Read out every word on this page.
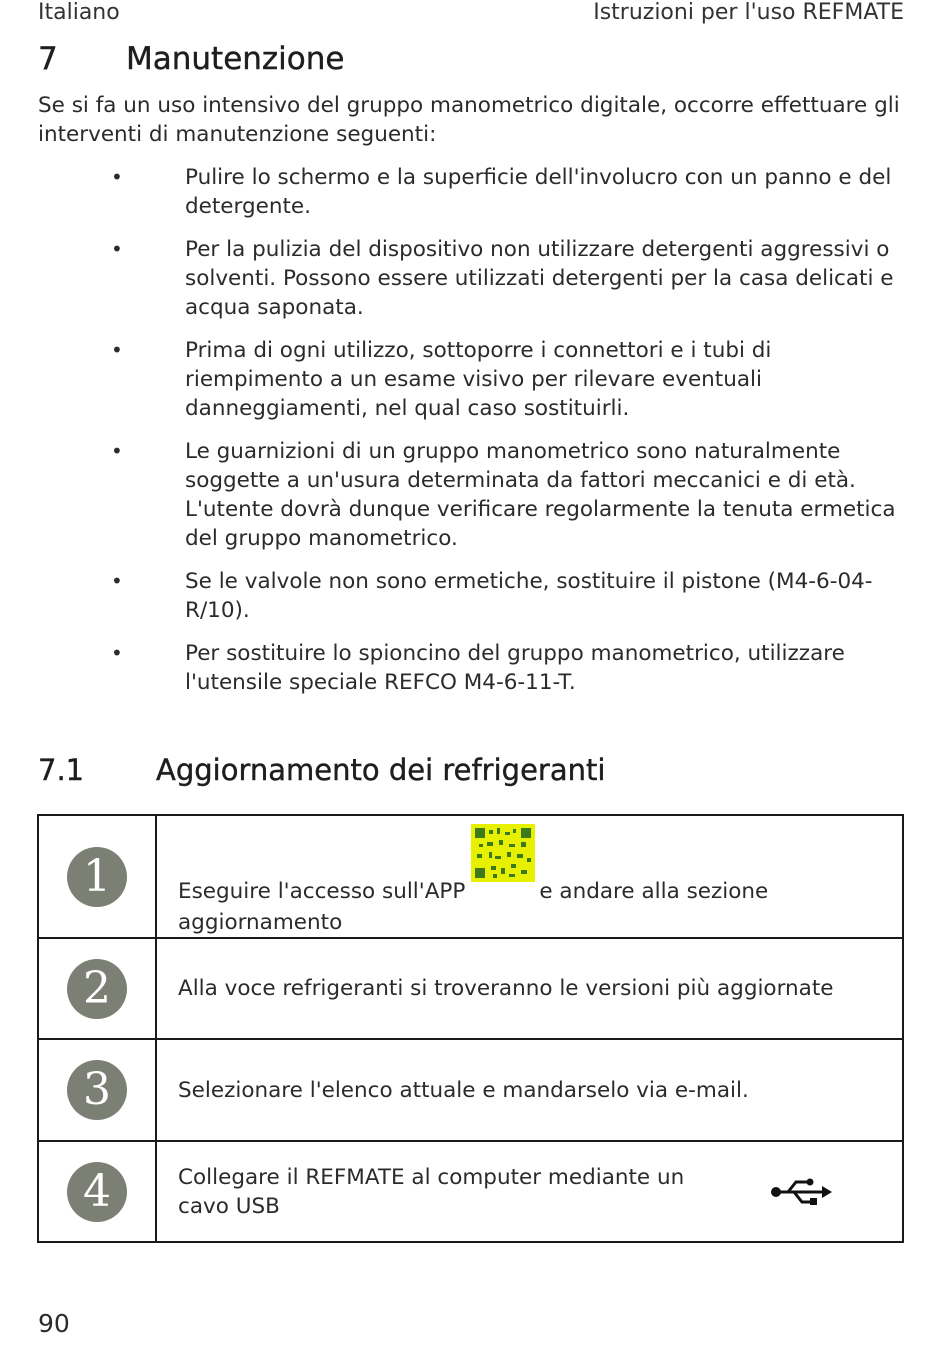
Italiano	Istruzioni per l'uso REFMATE
7 Manutenzione
Se si fa un uso intensivo del gruppo manometrico digitale, occorre effettuare gli interventi di manutenzione seguenti:
•	Pulire lo schermo e la superficie dell'involucro con un panno e del detergente.
•	Per la pulizia del dispositivo non utilizzare detergenti aggressivi o solventi. Possono essere utilizzati detergenti per la casa delicati e acqua saponata.
•	Prima di ogni utilizzo, sottoporre i connettori e i tubi di riempimento a un esame visivo per rilevare eventuali danneggiamenti, nel qual caso sostituirli.
•	Le guarnizioni di un gruppo manometrico sono naturalmente soggette a un'usura determinata da fattori meccanici e di età. L'utente dovrà dunque verificare regolarmente la tenuta ermetica del gruppo manometrico.
•	Se le valvole non sono ermetiche, sostituire il pistone (M4-6-04-R/10).
•	Per sostituire lo spioncino del gruppo manometrico, utilizzare l'utensile speciale REFCO M4-6-11-T.
7.1 Aggiornamento dei refrigeranti
1	Eseguire l'accesso sull'APP e andare alla sezione aggiornamento

2	Alla voce refrigeranti si troveranno le versioni più aggiornate
3	Selezionare l'elenco attuale e mandarselo via e-mail.
4	Collegare il REFMATE al computer mediante un cavo USB
90
